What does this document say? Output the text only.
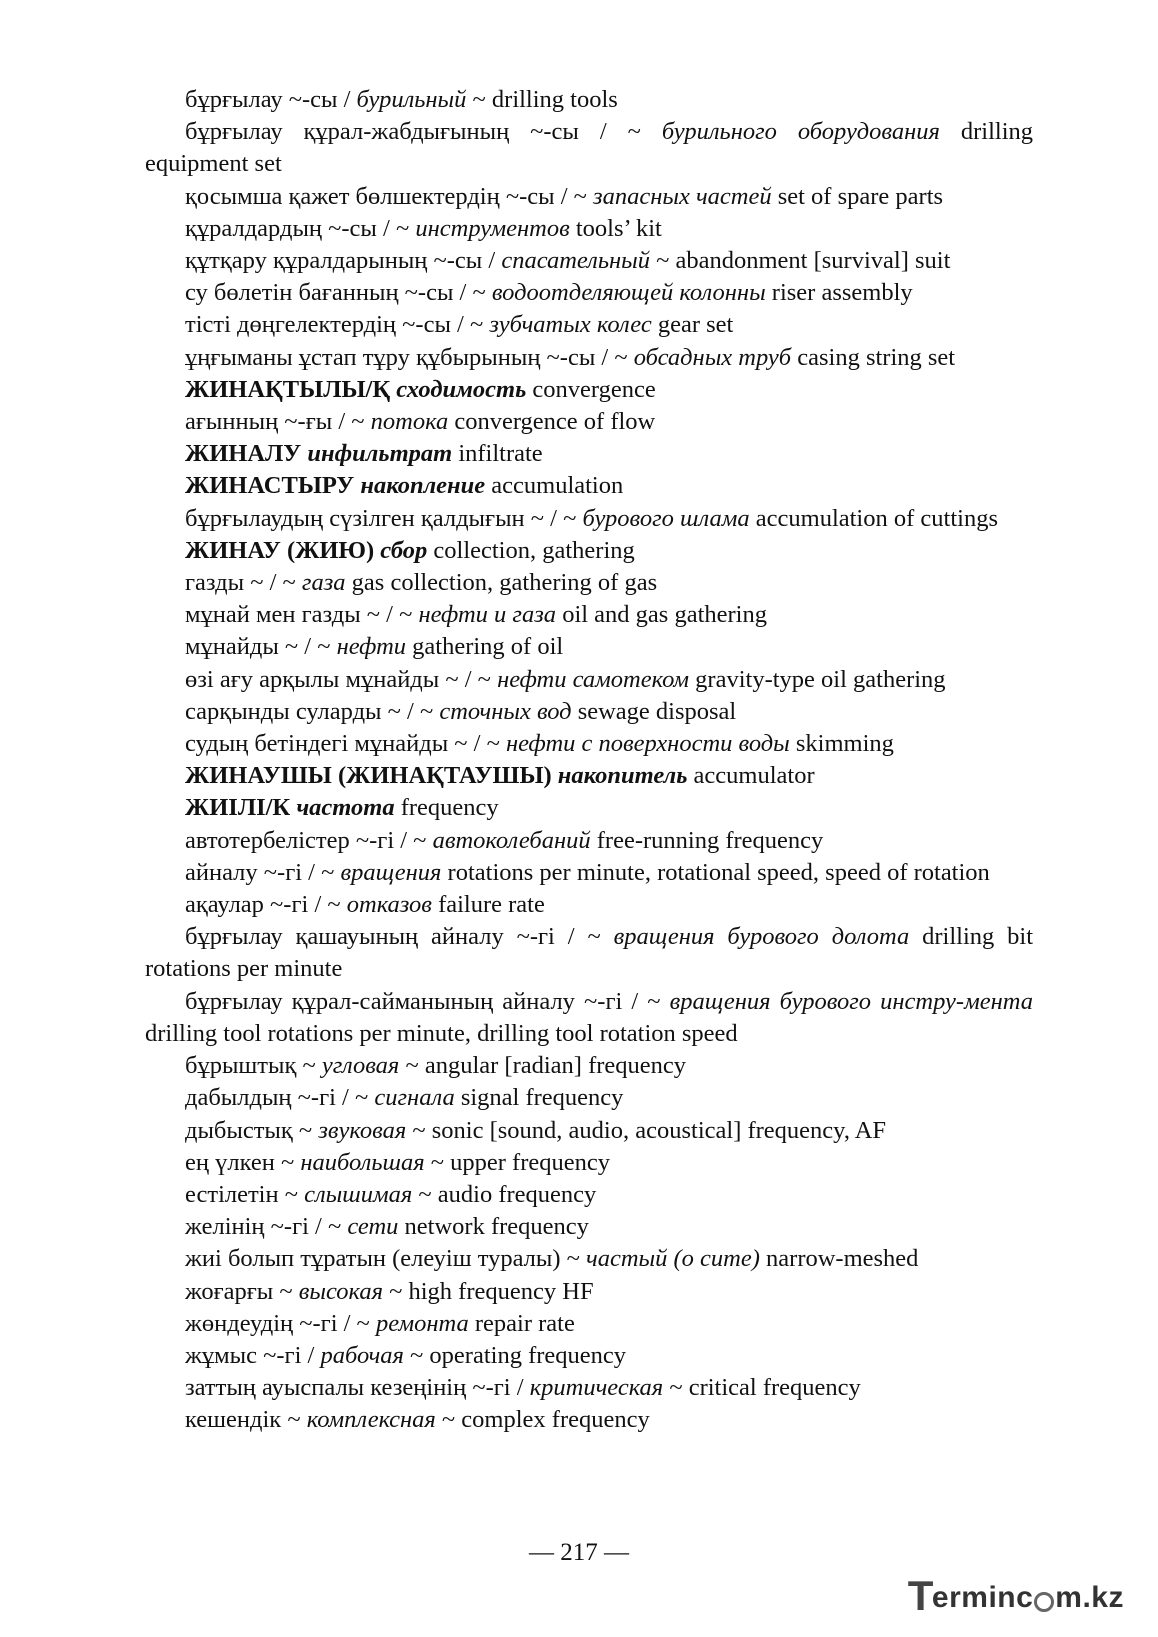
бұрғылау ~-сы / бурильный ~ drilling tools

бұрғылау құрал-жабдығының ~-сы / ~ бурильного оборудования drilling equipment set

қосымша қажет бөлшектердің ~-сы / ~ запасных частей set of spare parts

құралдардың ~-сы / ~ инструментов tools’ kit

құтқару құралдарының ~-сы / спасательный ~ abandonment [survival] suit

су бөлетін бағанның ~-сы / ~ водоотделяющей колонны riser assembly

тісті дөңгелектердің ~-сы / ~ зубчатых колес gear set

ұңғыманы ұстап тұру құбырының ~-сы / ~ обсадных труб casing string set

ЖИНАҚТЫЛЫ/Қ сходимость convergence

ағынның ~-ғы / ~ потока convergence of flow

ЖИНАЛУ инфильтрат infiltrate

ЖИНАСТЫРУ накопление accumulation

бұрғылаудың сүзілген қалдығын ~ / ~ бурового шлама accumulation of cuttings

ЖИНАУ (ЖИЮ) сбор collection, gathering

газды ~ / ~ газа gas collection, gathering of gas

мұнай мен газды ~ / ~ нефти и газа oil and gas gathering

мұнайды ~ / ~ нефти gathering of oil

өзі ағу арқылы мұнайды ~ / ~ нефти самотеком gravity-type oil gathering

сарқынды суларды ~ / ~ сточных вод sewage disposal

судың бетіндегі мұнайды ~ / ~ нефти с поверхности воды skimming

ЖИНАУШЫ (ЖИНАҚТАУШЫ) накопитель accumulator

ЖИІЛІ/К частота frequency

автотербелістер ~-гі / ~ автоколебаний free-running frequency

айналу ~-гі / ~ вращения rotations per minute, rotational speed, speed of rotation

ақаулар ~-гі / ~ отказов failure rate

бұрғылау қашауының айналу ~-гі / ~ вращения бурового долота drilling bit rotations per minute

бұрғылау құрал-сайманының айналу ~-гі / ~ вращения бурового инстру-мента drilling tool rotations per minute, drilling tool rotation speed

бұрыштық ~ угловая ~ angular [radian] frequency

дабылдың ~-гі / ~ сигнала signal frequency

дыбыстық ~ звуковая ~ sonic [sound, audio, acoustical] frequency, AF

ең үлкен ~ наибольшая ~ upper frequency

естілетін ~ слышимая ~ audio frequency

желінің ~-гі / ~ сети network frequency

жиі болып тұратын (елеуіш туралы) ~ частый (о сите) narrow-meshed

жоғарғы ~ высокая ~ high frequency HF

жөндеудің ~-гі / ~ ремонта repair rate

жұмыс ~-гі / рабочая ~ operating frequency

заттың ауыспалы кезеңінің ~-гі / критическая ~ critical frequency

кешендік ~ комплексная ~ complex frequency

— 217 —
T
erminc m.kz
